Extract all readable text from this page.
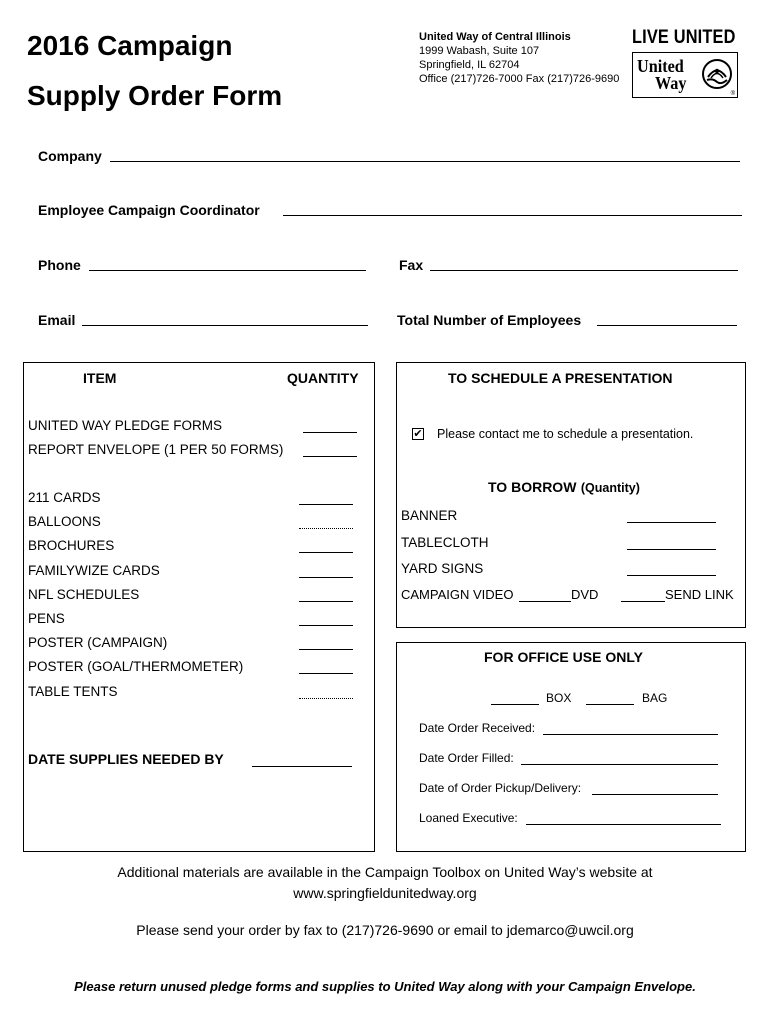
2016 Campaign
Supply Order Form
United Way of Central Illinois
1999 Wabash, Suite 107
Springfield, IL 62704
Office (217)726-7000 Fax (217)726-9690
LIVE UNITED
United
Way
®
Company
Employee Campaign Coordinator
Phone	Fax
Email	Total Number of Employees
ITEM	QUANTITY
UNITED WAY PLEDGE FORMS
REPORT ENVELOPE (1 PER 50 FORMS)
211 CARDS
BALLOONS
BROCHURES
FAMILYWIZE CARDS
NFL SCHEDULES
PENS
POSTER (CAMPAIGN)
POSTER (GOAL/THERMOMETER)
TABLE TENTS
DATE SUPPLIES NEEDED BY
TO SCHEDULE A PRESENTATION
✔ Please contact me to schedule a presentation.
TO BORROW (Quantity)
BANNER
TABLECLOTH
YARD SIGNS
CAMPAIGN VIDEO	DVD	SEND LINK
FOR OFFICE USE ONLY
BOX	BAG
Date Order Received:
Date Order Filled:
Date of Order Pickup/Delivery:
Loaned Executive:
Additional materials are available in the Campaign Toolbox on United Way’s website at
www.springfieldunitedway.org
Please send your order by fax to (217)726-9690 or email to jdemarco@uwcil.org
Please return unused pledge forms and supplies to United Way along with your Campaign Envelope.
